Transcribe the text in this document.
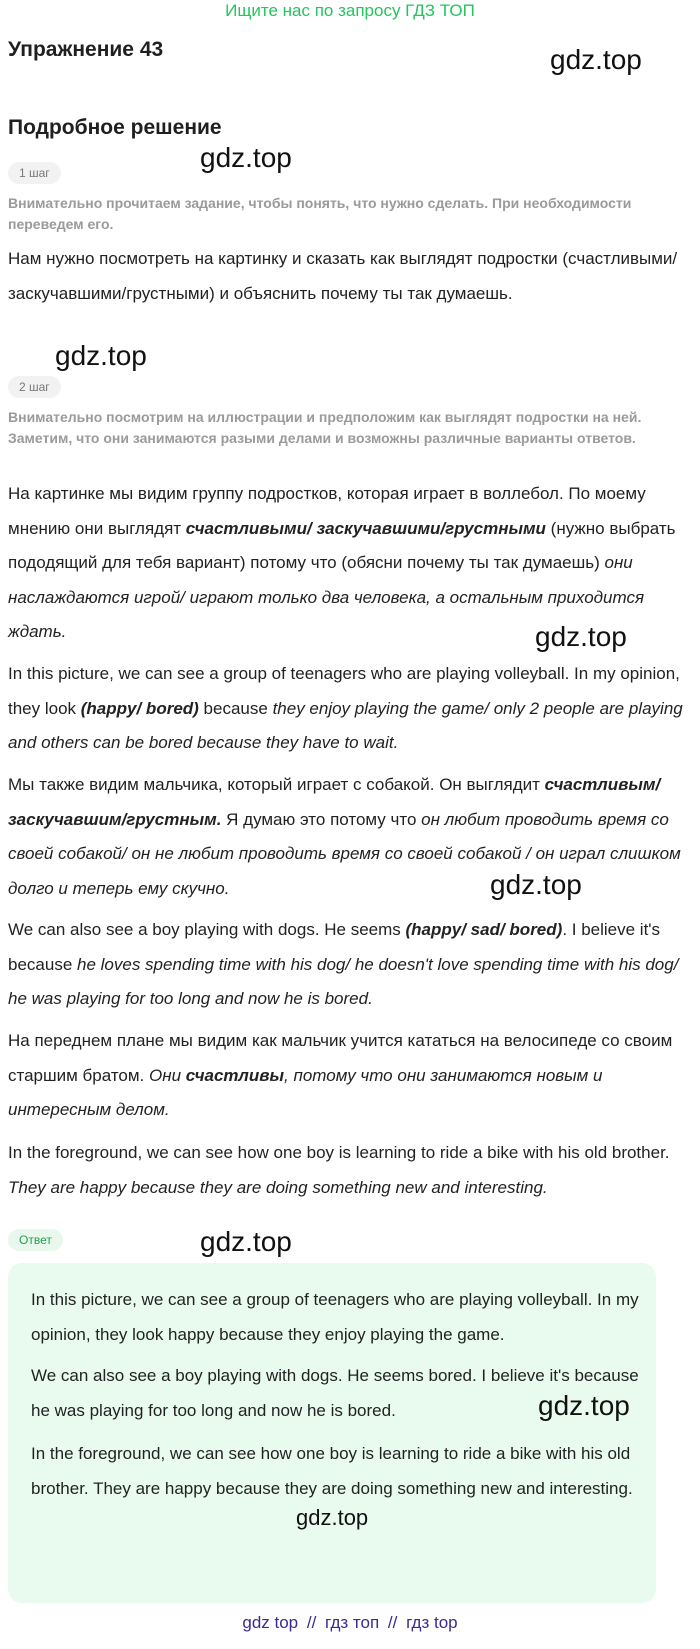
Ищите нас по запросу ГДЗ ТОП
Упражнение 43	gdz.top
Подробное решение
gdz.top
1 шаг

Внимательно прочитаем задание, чтобы понять, что нужно сделать. При необходимости переведем его.

Нам нужно посмотреть на картинку и сказать как выглядят подростки (счастливыми/ заскучавшими/грустными) и объяснить почему ты так думаешь.

gdz.top
2 шаг

Внимательно посмотрим на иллюстрации и предположим как выглядят подростки на ней. Заметим, что они занимаются разыми делами и возможны различные варианты ответов.

На картинке мы видим группу подростков, которая играет в воллебол. По моему мнению они выглядят счастливыми/ заскучавшими/грустными (нужно выбрать пододящий для тебя вариант) потому что (обясни почему ты так думаешь) они наслаждаются игрой/ играют только два человека, а остальным приходится ждать.	gdz.top

In this picture, we can see a group of teenagers who are playing volleyball. In my opinion, they look (happy/ bored) because they enjoy playing the game/ only 2 people are playing and others can be bored because they have to wait.

Мы также видим мальчика, который играет с собакой. Он выглядит счастливым/ заскучавшим/грустным. Я думаю это потому что он любит проводить время со своей собакой/ он не любит проводить время со своей собакой / он играл слишком долго и теперь ему скучно.	gdz.top

We can also see a boy playing with dogs. He seems (happy/ sad/ bored). I believe it's because he loves spending time with his dog/ he doesn't love spending time with his dog/ he was playing for too long and now he is bored.

На переднем плане мы видим как мальчик учится кататься на велосипеде со своим старшим братом. Они счастливы, потому что они занимаются новым и интересным делом.

In the foreground, we can see how one boy is learning to ride a bike with his old brother. They are happy because they are doing something new and interesting.

Ответ	gdz.top

In this picture, we can see a group of teenagers who are playing volleyball. In my opinion, they look happy because they enjoy playing the game.

We can also see a boy playing with dogs. He seems bored. I believe it's because he was playing for too long and now he is bored.	gdz.top

In the foreground, we can see how one boy is learning to ride a bike with his old brother. They are happy because they are doing something new and interesting.

gdz.top
gdz top // гдз топ // гдз top
